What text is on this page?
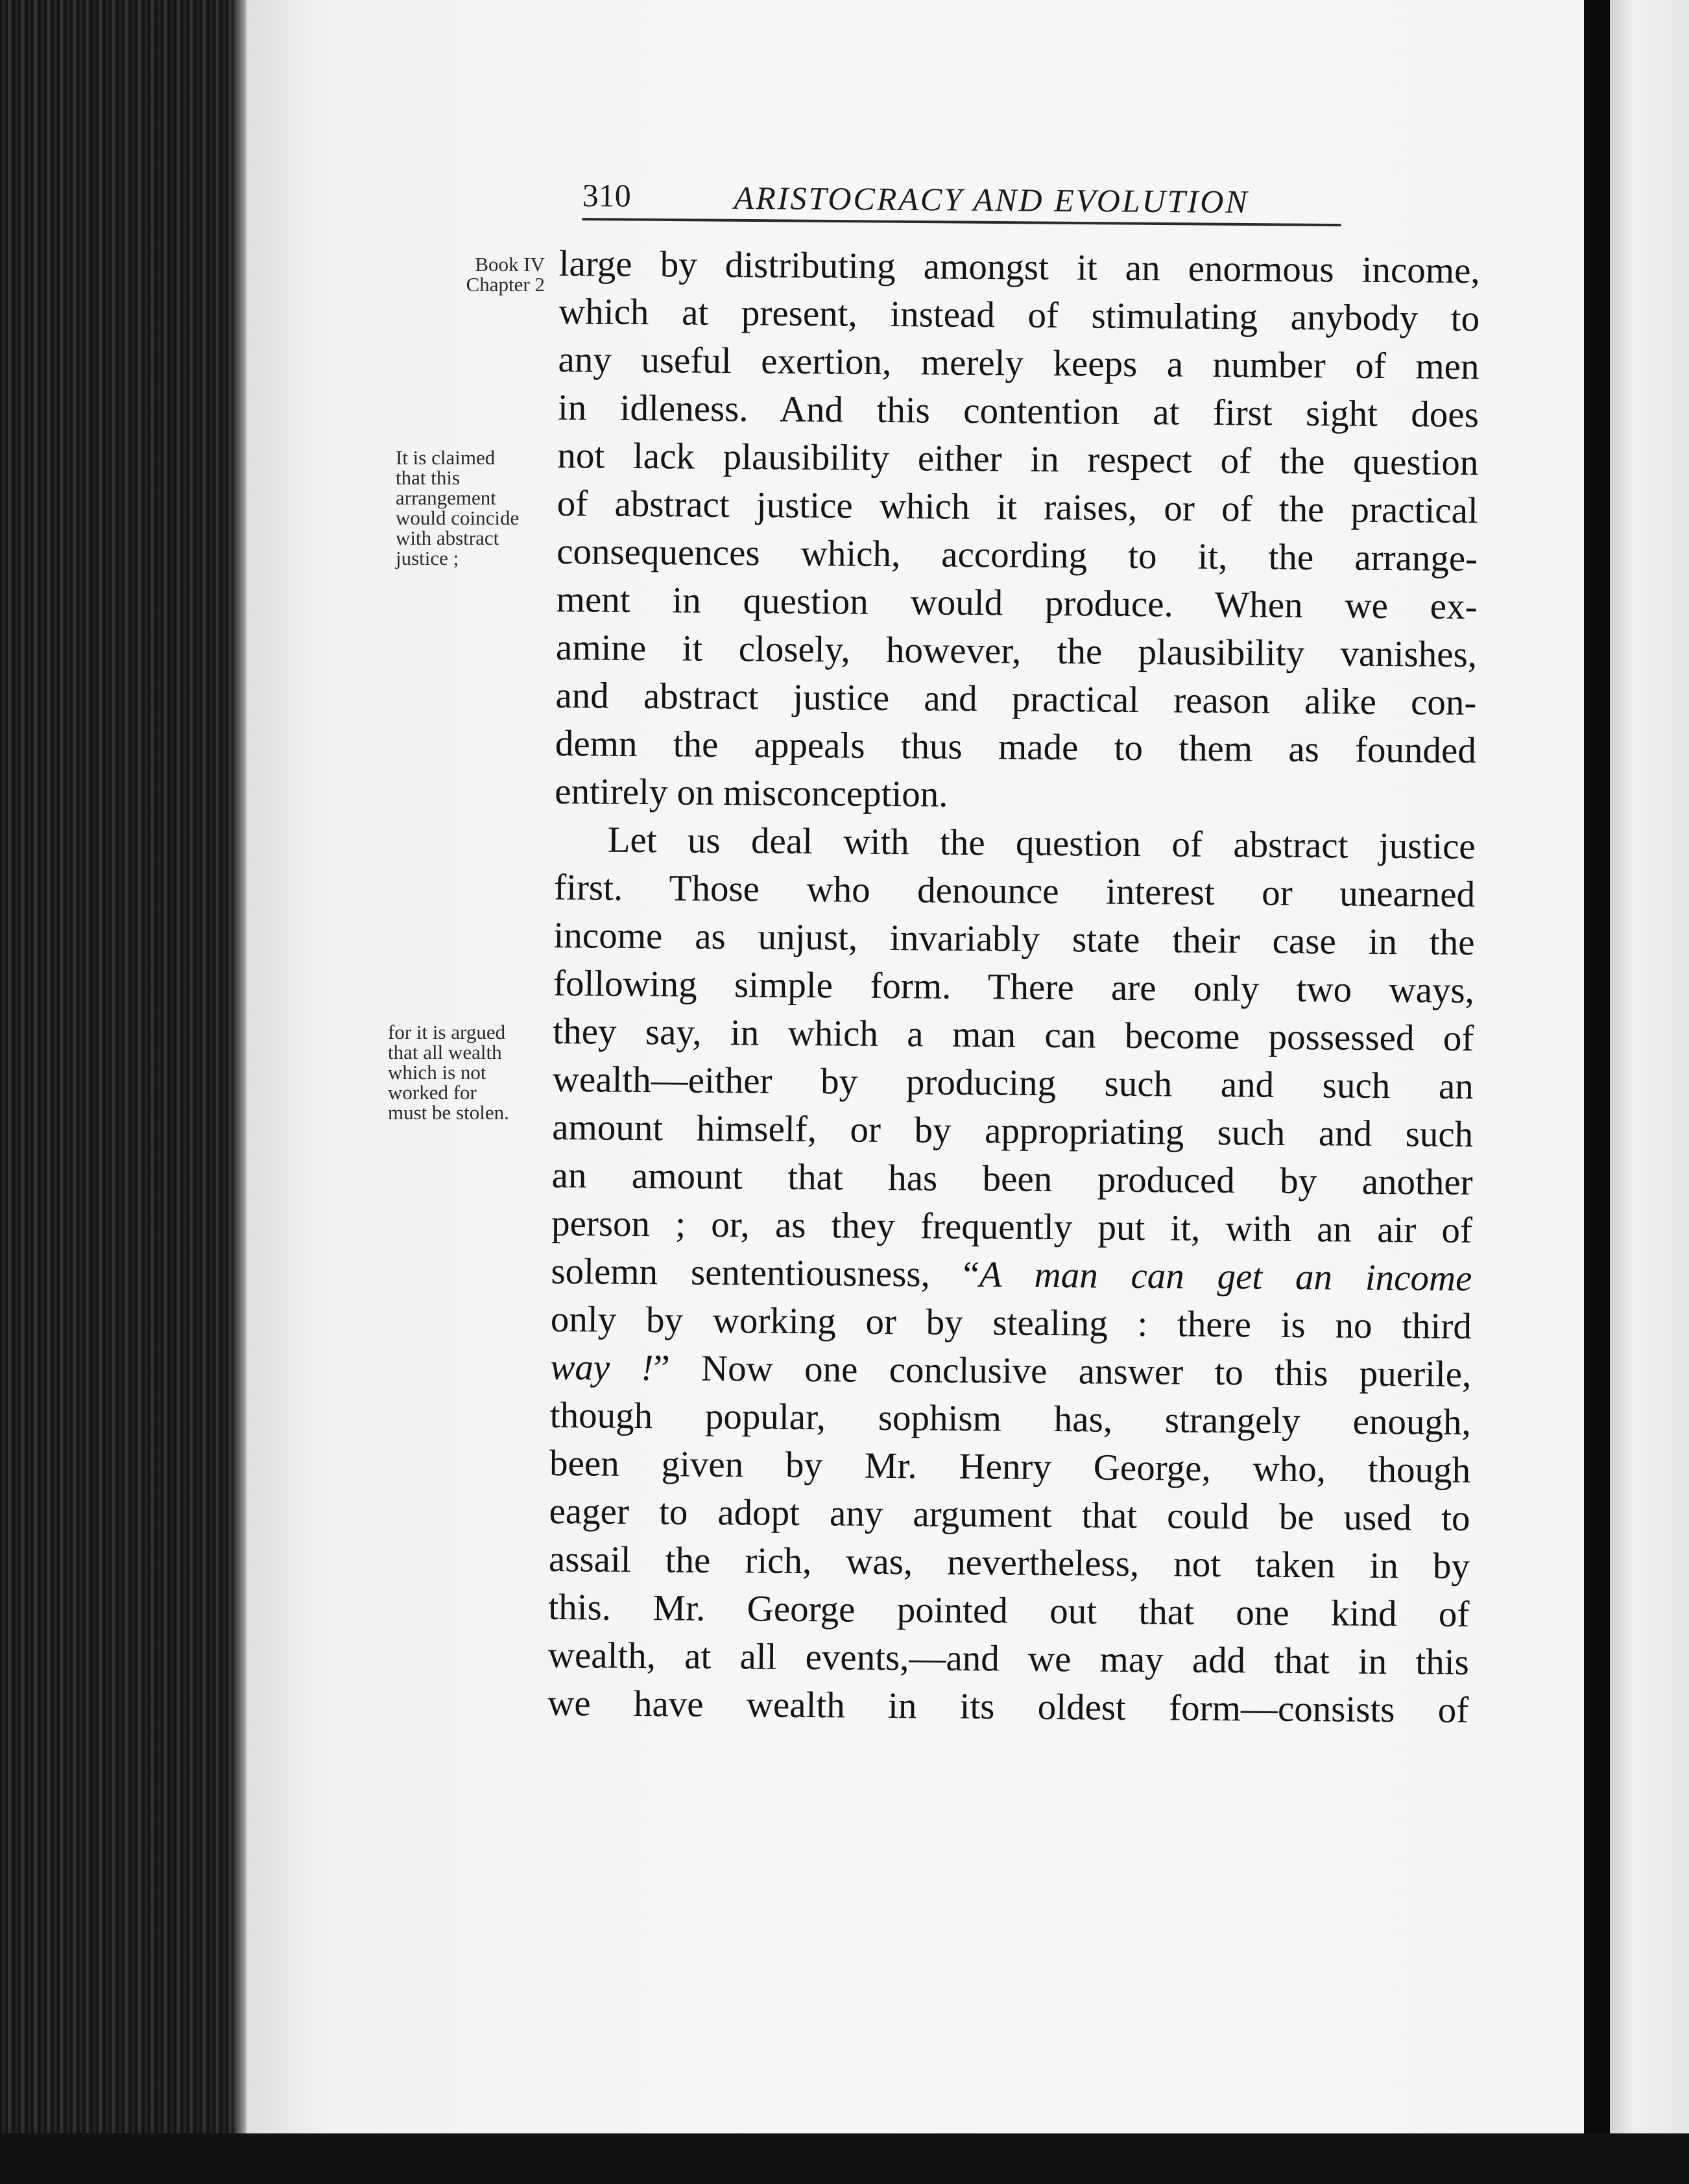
310	ARISTOCRACY AND EVOLUTION
Book IV
Chapter 2
It is claimed
that this
arrangement
would coincide
with abstract
justice ;
for it is argued
that all wealth
which is not
worked for
must be stolen.
large by distributing amongst it an enormous income,
which at present, instead of stimulating anybody to
any useful exertion, merely keeps a number of men
in idleness. And this contention at first sight does
not lack plausibility either in respect of the question
of abstract justice which it raises, or of the practical
consequences which, according to it, the arrange-
ment in question would produce. When we ex-
amine it closely, however, the plausibility vanishes,
and abstract justice and practical reason alike con-
demn the appeals thus made to them as founded
entirely on misconception.
Let us deal with the question of abstract justice
first. Those who denounce interest or unearned
income as unjust, invariably state their case in the
following simple form. There are only two ways,
they say, in which a man can become possessed of
wealth—either by producing such and such an
amount himself, or by appropriating such and such
an amount that has been produced by another
person ; or, as they frequently put it, with an air of
solemn sententiousness, “A man can get an income
only by working or by stealing : there is no third
way !” Now one conclusive answer to this puerile,
though popular, sophism has, strangely enough,
been given by Mr. Henry George, who, though
eager to adopt any argument that could be used to
assail the rich, was, nevertheless, not taken in by
this. Mr. George pointed out that one kind of
wealth, at all events,—and we may add that in this
we have wealth in its oldest form—consists of
